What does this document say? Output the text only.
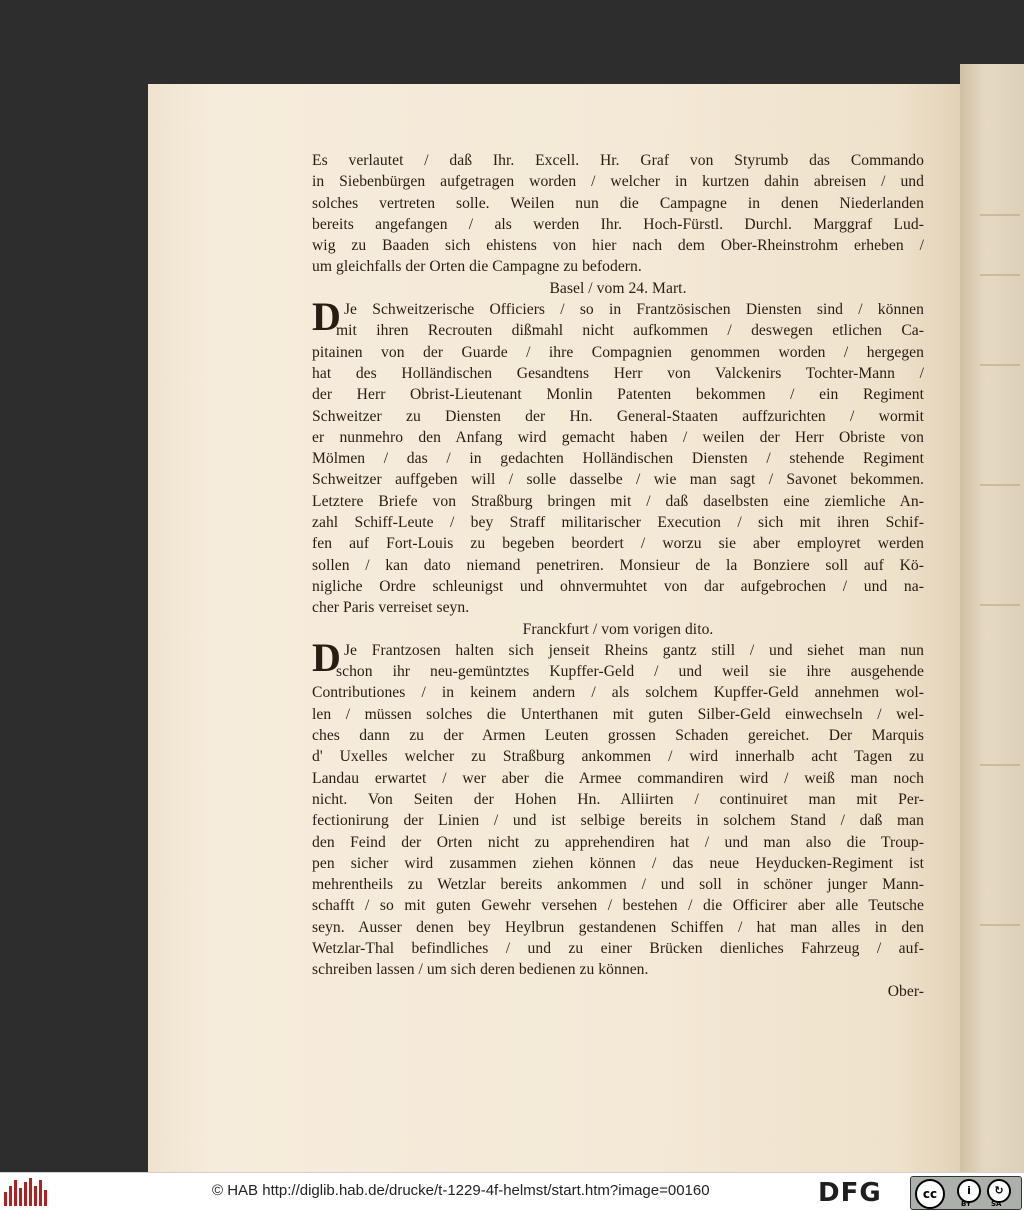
Es verlautet / daß Ihr. Excell. Hr. Graf von Styrumb das Commando
in Siebenbürgen aufgetragen worden / welcher in kurtzen dahin abreisen / und
solches vertreten solle. Weilen nun die Campagne in denen Niederlanden
bereits angefangen / als werden Ihr. Hoch-Fürstl. Durchl. Marggraf Lud-
wig zu Baaden sich ehistens von hier nach dem Ober-Rheinstrohm erheben /
um gleichfalls der Orten die Campagne zu befodern.
Basel / vom 24. Mart.
D Je Schweitzerische Officiers / so in Frantzösischen Diensten sind / können
mit ihren Recrouten dißmahl nicht aufkommen / deswegen etlichen Ca-
pitainen von der Guarde / ihre Compagnien genommen worden / hergegen
hat des Holländischen Gesandtens Herr von Valckenirs Tochter-Mann /
der Herr Obrist-Lieutenant Monlin Patenten bekommen / ein Regiment
Schweitzer zu Diensten der Hn. General-Staaten auffzurichten / wormit
er nunmehro den Anfang wird gemacht haben / weilen der Herr Obriste von
Mölmen / das / in gedachten Holländischen Diensten / stehende Regiment
Schweitzer auffgeben will / solle dasselbe / wie man sagt / Savonet bekommen.
Letztere Briefe von Straßburg bringen mit / daß daselbsten eine ziemliche An-
zahl Schiff-Leute / bey Straff militarischer Execution / sich mit ihren Schif-
fen auf Fort-Louis zu begeben beordert / worzu sie aber employret werden
sollen / kan dato niemand penetriren. Monsieur de la Bonziere soll auf Kö-
nigliche Ordre schleunigst und ohnvermuhtet von dar aufgebrochen / und na-
cher Paris verreiset seyn.
Franckfurt / vom vorigen dito.
D Je Frantzosen halten sich jenseit Rheins gantz still / und siehet man nun
schon ihr neu-gemüntztes Kupffer-Geld / und weil sie ihre ausgehende
Contributiones / in keinem andern / als solchem Kupffer-Geld annehmen wol-
len / müssen solches die Unterthanen mit guten Silber-Geld einwechseln / wel-
ches dann zu der Armen Leuten grossen Schaden gereichet. Der Marquis
d' Uxelles welcher zu Straßburg ankommen / wird innerhalb acht Tagen zu
Landau erwartet / wer aber die Armee commandiren wird / weiß man noch
nicht. Von Seiten der Hohen Hn. Alliirten / continuiret man mit Per-
fectionirung der Linien / und ist selbige bereits in solchem Stand / daß man
den Feind der Orten nicht zu apprehendiren hat / und man also die Troup-
pen sicher wird zusammen ziehen können / das neue Heyducken-Regiment ist
mehrentheils zu Wetzlar bereits ankommen / und soll in schöner junger Mann-
schafft / so mit guten Gewehr versehen / bestehen / die Officirer aber alle Teutsche
seyn. Ausser denen bey Heylbrun gestandenen Schiffen / hat man alles in den
Wetzlar-Thal befindliches / und zu einer Brücken dienliches Fahrzeug / auf-
schreiben lassen / um sich deren bedienen zu können.
Ober-
© HAB http://diglib.hab.de/drucke/t-1229-4f-helmst/start.htm?image=00160	DFG	cc	i	↻
BY	SA
